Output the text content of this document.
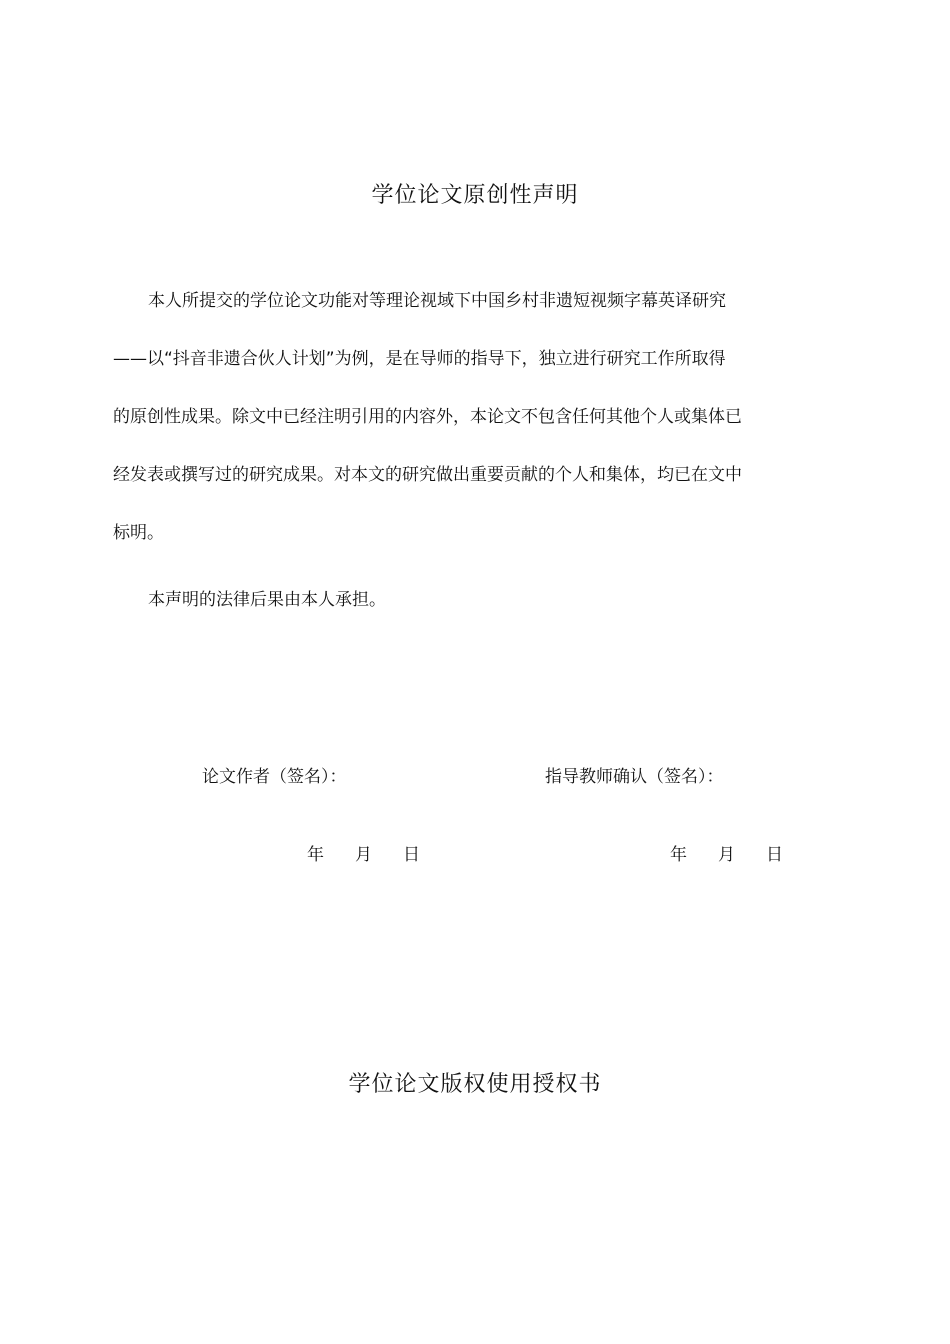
学位论文原创性声明

本人所提交的学位论文功能对等理论视域下中国乡村非遗短视频字幕英译研究
——以“抖音非遗合伙人计划”为例，是在导师的指导下，独立进行研究工作所取得
的原创性成果。除文中已经注明引用的内容外，本论文不包含任何其他个人或集体已
经发表或撰写过的研究成果。对本文的研究做出重要贡献的个人和集体，均已在文中
标明。

本声明的法律后果由本人承担。

论文作者（签名）：	指导教师确认（签名）：
年 月 日	年 月 日
学位论文版权使用授权书
